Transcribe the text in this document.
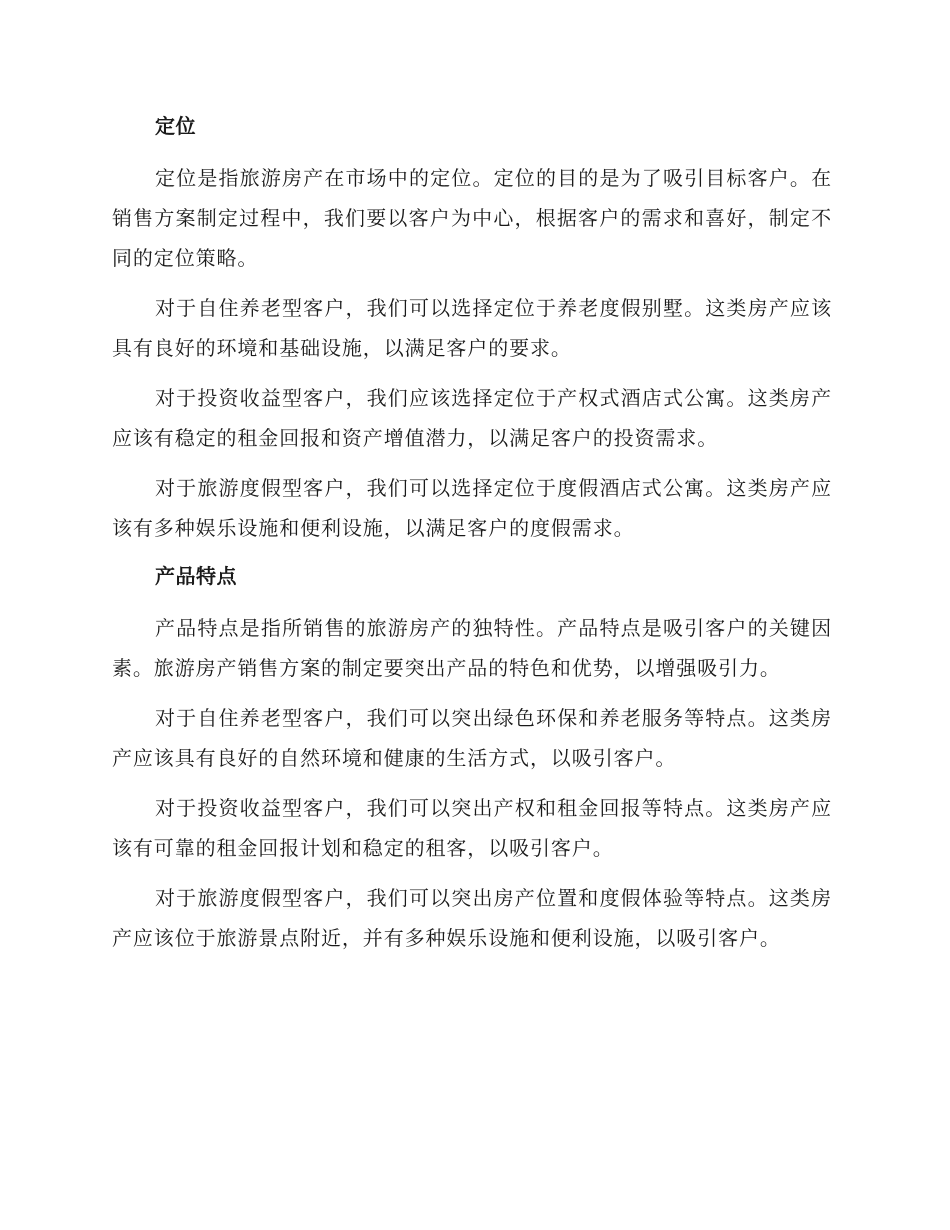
定位

定位是指旅游房产在市场中的定位。定位的目的是为了吸引目标客户。在销售方案制定过程中，我们要以客户为中心，根据客户的需求和喜好，制定不同的定位策略。

对于自住养老型客户，我们可以选择定位于养老度假别墅。这类房产应该具有良好的环境和基础设施，以满足客户的要求。

对于投资收益型客户，我们应该选择定位于产权式酒店式公寓。这类房产应该有稳定的租金回报和资产增值潜力，以满足客户的投资需求。

对于旅游度假型客户，我们可以选择定位于度假酒店式公寓。这类房产应该有多种娱乐设施和便利设施，以满足客户的度假需求。

产品特点

产品特点是指所销售的旅游房产的独特性。产品特点是吸引客户的关键因素。旅游房产销售方案的制定要突出产品的特色和优势，以增强吸引力。

对于自住养老型客户，我们可以突出绿色环保和养老服务等特点。这类房产应该具有良好的自然环境和健康的生活方式，以吸引客户。

对于投资收益型客户，我们可以突出产权和租金回报等特点。这类房产应该有可靠的租金回报计划和稳定的租客，以吸引客户。

对于旅游度假型客户，我们可以突出房产位置和度假体验等特点。这类房产应该位于旅游景点附近，并有多种娱乐设施和便利设施，以吸引客户。
